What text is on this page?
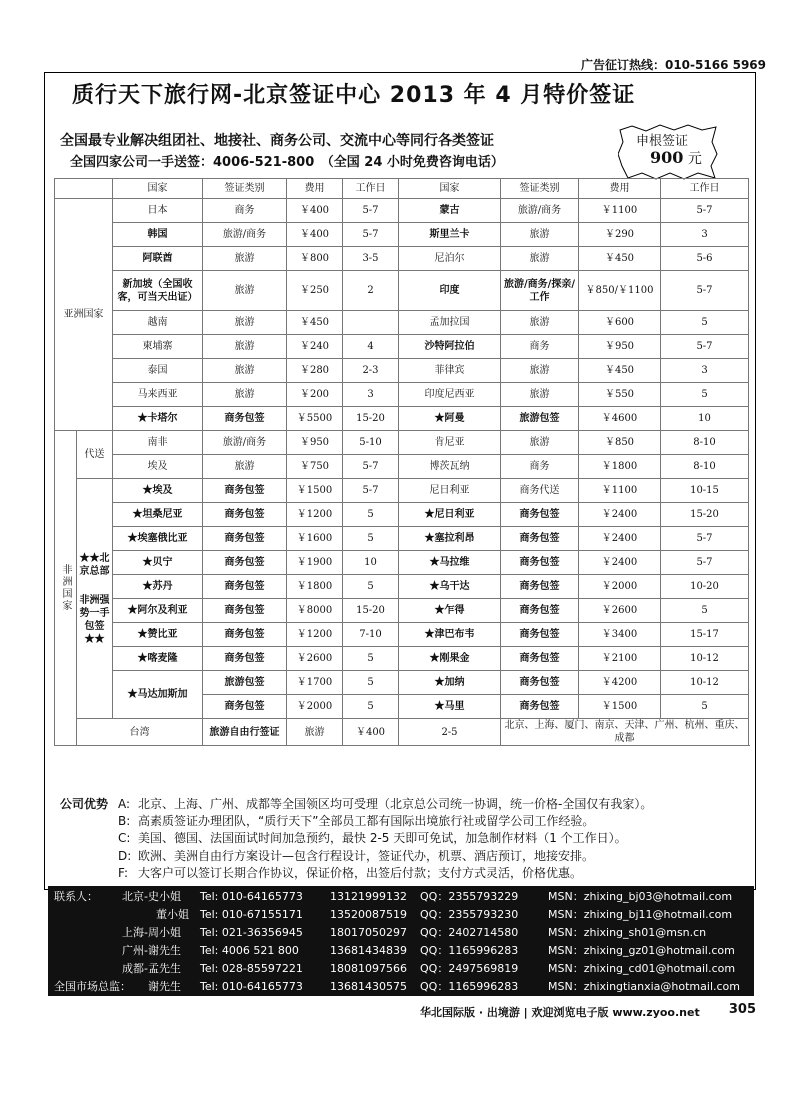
广告征订热线：010-5166 5969
质行天下旅行网-北京签证中心 2013 年 4 月特价签证
全国最专业解决组团社、地接社、商务公司、交流中心等同行各类签证
全国四家公司一手送签：4006-521-800　（全国 24 小时免费咨询电话）
申根签证
900 元
		国家	签证类别	费用	工作日	国家	签证类别	费用	工作日
亚洲国家		日本	商务	￥400	5-7	蒙古	旅游/商务	￥1100	5-7
		韩国	旅游/商务	￥400	5-7	斯里兰卡	旅游	￥290	3
		阿联酋	旅游	￥800	3-5	尼泊尔	旅游	￥450	5-6
		新加坡（全国收客，可当天出证）	旅游	￥250	2	印度	旅游/商务/探亲/工作	￥850/￥1100	5-7
		越南	旅游	￥450		孟加拉国	旅游	￥600	5
		柬埔寨	旅游	￥240	4	沙特阿拉伯	商务	￥950	5-7
		泰国	旅游	￥280	2-3	菲律宾	旅游	￥450	3
		马来西亚	旅游	￥200	3	印度尼西亚	旅游	￥550	5
		★卡塔尔	商务包签	￥5500	15-20	★阿曼	旅游包签	￥4600	10
非洲国家	代送	南非	旅游/商务	￥950	5-10	肯尼亚	旅游	￥850	8-10
		埃及	旅游	￥750	5-7	博茨瓦纳	商务	￥1800	8-10

	★★北京总部
非洲强势一手包签★★	★埃及	商务包签	￥1500	5-7	尼日利亚	商务代送	￥1100	10-15
		★坦桑尼亚	商务包签	￥1200	5	★尼日利亚	商务包签	￥2400	15-20
		★埃塞俄比亚	商务包签	￥1600	5	★塞拉利昂	商务包签	￥2400	5-7
		★贝宁	商务包签	￥1900	10	★马拉维	商务包签	￥2400	5-7
		★苏丹	商务包签	￥1800	5	★乌干达	商务包签	￥2000	10-20
		★阿尔及利亚	商务包签	￥8000	15-20	★乍得	商务包签	￥2600	5
		★赞比亚	商务包签	￥1200	7-10	★津巴布韦	商务包签	￥3400	15-17
		★喀麦隆	商务包签	￥2600	5	★刚果金	商务包签	￥2100	10-12
		★马达加斯加	旅游包签	￥1700	5	★加纳	商务包签	￥4200	10-12
			商务包签	￥2000	5	★马里	商务包签	￥1500	5
	台湾		旅游自由行签证	旅游	￥400	2-5	北京、上海、厦门、南京、天津、广州、杭州、重庆、成都		
公司优势 A: 北京、上海、广州、成都等全国领区均可受理（北京总公司统一协调，统一价格-全国仅有我家）。
B: 高素质签证办理团队，“质行天下”全部员工都有国际出境旅行社或留学公司工作经验。
C: 美国、德国、法国面试时间加急预约，最快 2-5 天即可免试，加急制作材料（1 个工作日）。
D: 欧洲、美洲自由行方案设计—包含行程设计，签证代办，机票、酒店预订，地接安排。
F: 大客户可以签订长期合作协议，保证价格，出签后付款；支付方式灵活，价格优惠。
联系人： 北京-史小姐 Tel: 010-64165773 13121999132 QQ：2355793229	MSN：zhixing_bj03@hotmail.com
董小姐 Tel: 010-67155171 13520087519 QQ：2355793230	MSN：zhixing_bj11@hotmail.com
上海-周小姐 Tel: 021-36356945 18017050297 QQ：2402714580	MSN：zhixing_sh01@msn.cn
广州-谢先生 Tel: 4006 521 800	13681434839 QQ：1165996283	MSN：zhixing_gz01@hotmail.com
成都-孟先生 Tel: 028-85597221 18081097566 QQ：2497569819	MSN：zhixing_cd01@hotmail.com
全国市场总监： 谢先生 Tel: 010-64165773 13681430575 QQ：1165996283	MSN：zhixingtianxia@hotmail.com
华北国际版 · 出境游 | 欢迎浏览电子版 www.zyoo.net 305
